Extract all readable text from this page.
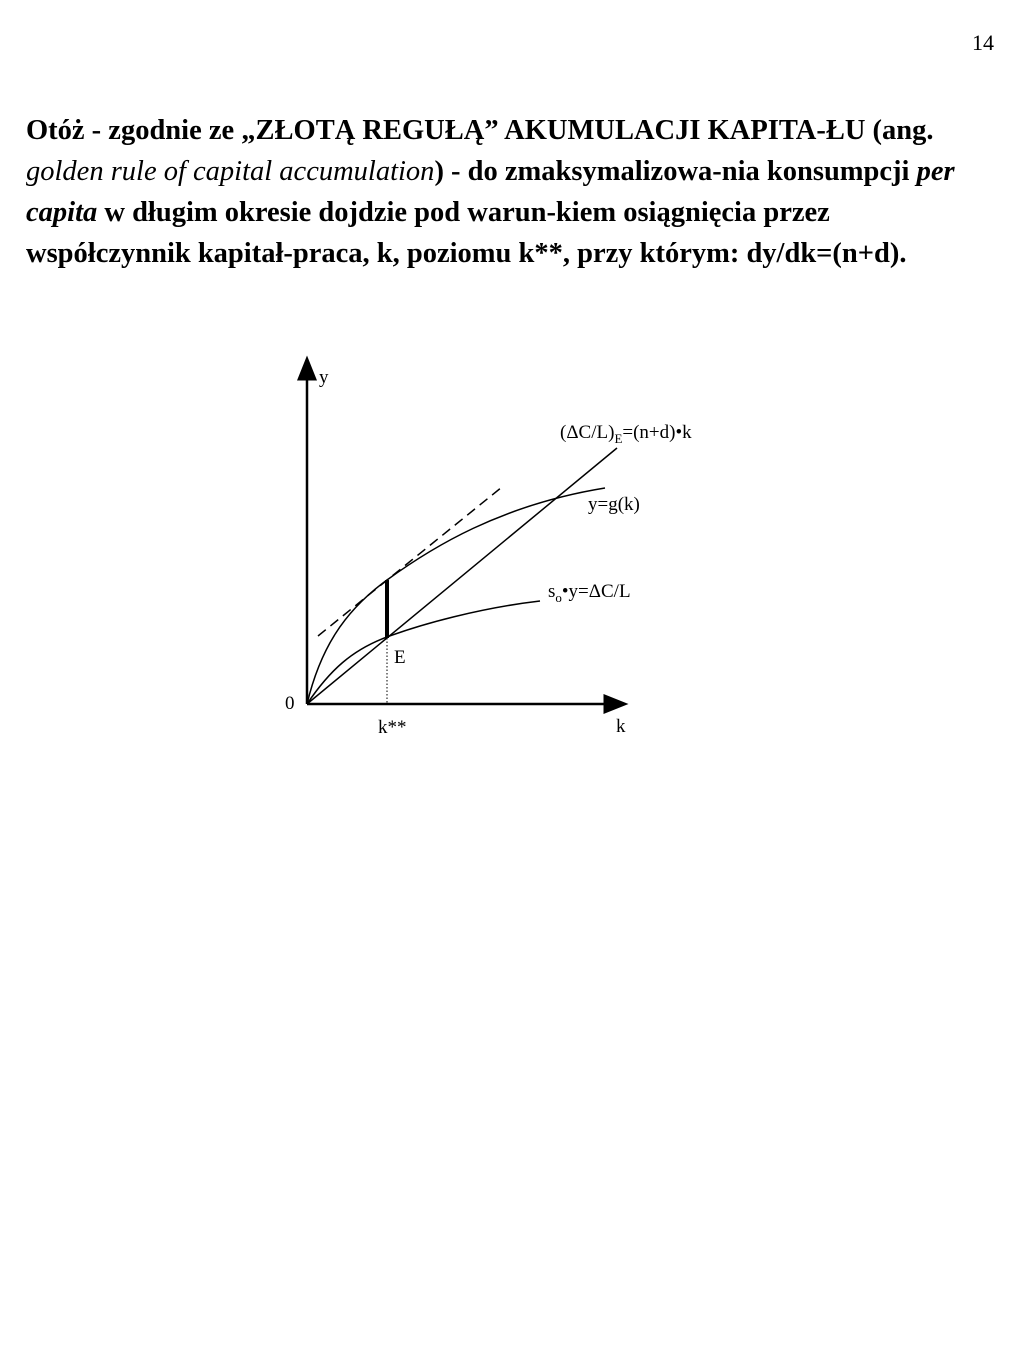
14

Otóż - zgodnie ze „ZŁOTĄ REGUŁĄ” AKUMULACJI KAPITA-ŁU (ang. golden rule of capital accumulation) - do zmaksymalizowa-nia konsumpcji per capita w długim okresie dojdzie pod warun-kiem osiągnięcia przez współczynnik kapitał-praca, k, poziomu k**, przy którym: dy/dk=(n+d).

y
k
0
k**
E
$(\Delta C/L)_E=(n+d)•k$
y=g(k)
$s_o•y=\Delta C/L$
